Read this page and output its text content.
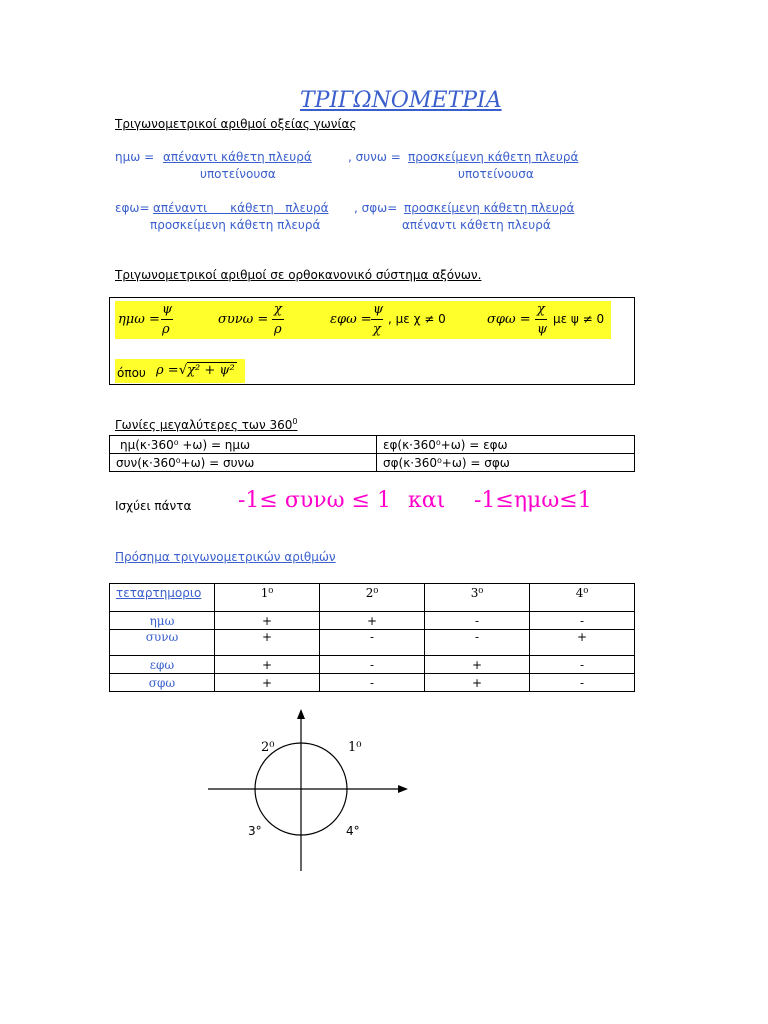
ΤΡΙΓΩΝΟΜΕΤΡΙΑ
Τριγωνομετρικοί αριθμοί οξείας γωνίας
ημω = απέναντι κάθετη πλευρά
υποτείνουσα
, συνω = προσκείμενη κάθετη πλευρά
υποτείνουσα
εφω= απέναντι      κάθετη   πλευρά
προσκείμενη κάθετη πλευρά
, σφω= προσκείμενη κάθετη πλευρά
απέναντι κάθετη πλευρά
Τριγωνομετρικοί αριθμοί σε ορθοκανονικό σύστημα αξόνων.
ημω =
ψ
ρ
συνω =
χ
ρ
εφω =
ψ
χ
, με χ ≠ 0	σφω =
χ
ψ
με ψ ≠ 0
όπου ρ = √χ² + ψ²
Γωνίες μεγαλύτερες των $360^0$
ημ(κ·360⁰ +ω) = ημω	εφ(κ·360⁰+ω) = εφω
συν(κ·360⁰+ω) = συνω	σφ(κ·360⁰+ω) = σφω
Ισχύει πάντα -1≤ συνω ≤ 1 και -1≤ημω≤1
Πρόσημα τριγωνομετρικών αριθμών
τεταρτημοριο	1⁰	2⁰	3⁰	4⁰
ημω	+	+	-	-
συνω	+	-	-	+
εφω	+	-	+	-
σφω	+	-	+	-
2⁰	1⁰
3°	4°
